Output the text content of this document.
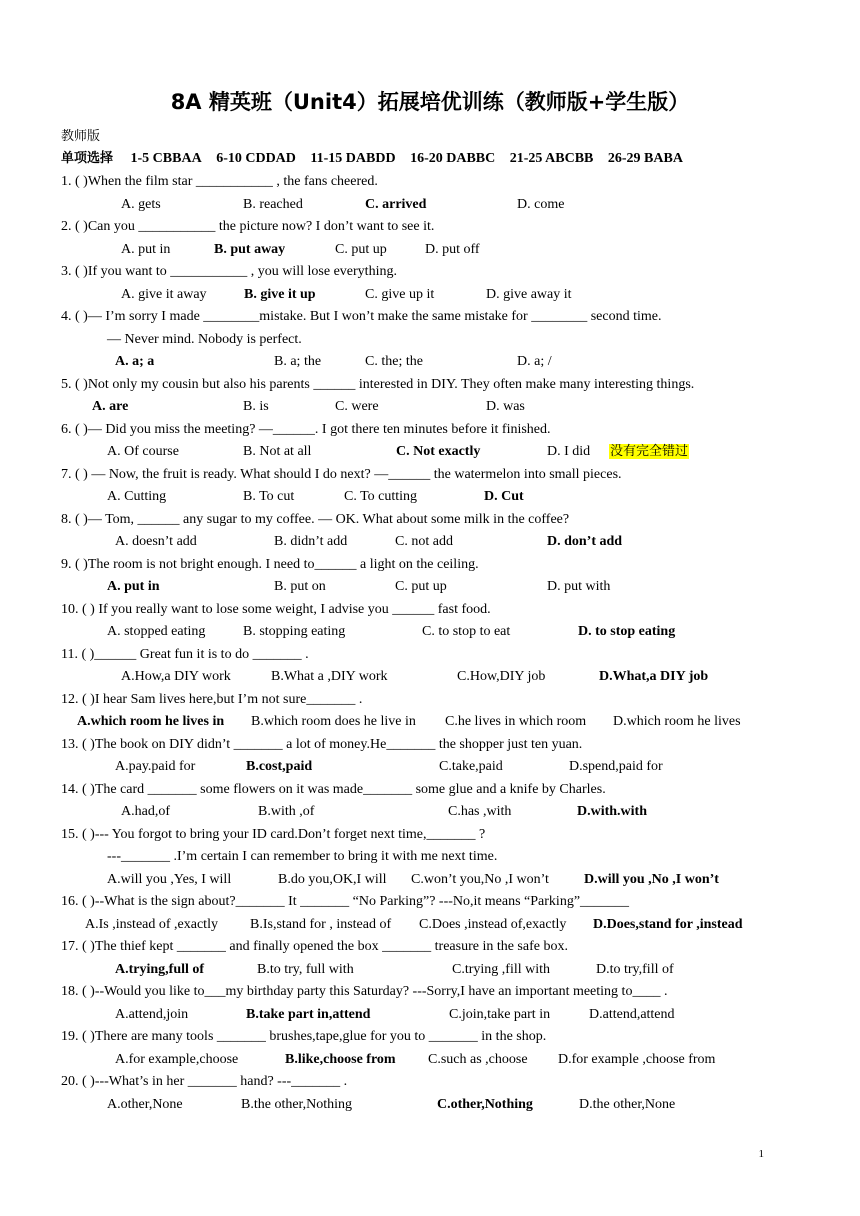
8A 精英班（Unit4）拓展培优训练（教师版+学生版）
教师版
单项选择 1-5 CBBAA 6-10 CDDAD 11-15 DABDD 16-20 DABBC 21-25 ABCBB 26-29 BABA
1. ( )When the film star ___________ , the fans cheered.
A. gets	B. reached	C. arrived	D. come
2. ( )Can you ___________ the picture now? I don’t want to see it.
A. put in	B. put away	C. put up	D. put off
3. ( )If you want to ___________ , you will lose everything.
A. give it away	B. give it up	C. give up it	D. give away it
4. ( )— I’m sorry I made ________mistake. But I won’t make the same mistake for ________ second time.
— Never mind. Nobody is perfect.
A. a; a	B. a; the	C. the; the	D. a; /
5. ( )Not only my cousin but also his parents ______ interested in DIY. They often make many interesting things.
A. are	B. is	C. were	D. was
6. ( )— Did you miss the meeting? —______. I got there ten minutes before it finished.
A. Of course	B. Not at all	C. Not exactly	D. I did 没有完全错过
7. ( ) — Now, the fruit is ready. What should I do next? —______ the watermelon into small pieces.
A. Cutting	B. To cut	C. To cutting	D. Cut
8. ( )— Tom, ______ any sugar to my coffee. — OK. What about some milk in the coffee?
A. doesn’t add	B. didn’t add	C. not add	D. don’t add
9. ( )The room is not bright enough. I need to______ a light on the ceiling.
A. put in	B. put on	C. put up	D. put with
10. ( ) If you really want to lose some weight, I advise you ______ fast food.
A. stopped eating	B. stopping eating	C. to stop to eat	D. to stop eating
11. ( )______ Great fun it is to do _______ .
A.How,a DIY work	B.What a ,DIY work	C.How,DIY job	D.What,a DIY job
12. ( )I hear Sam lives here,but I’m not sure_______ .
A.which room he lives in B.which room does he live in C.he lives in which room D.which room he lives
13. ( )The book on DIY didn’t _______ a lot of money.He_______ the shopper just ten yuan.
A.pay.paid for	B.cost,paid	C.take,paid	D.spend,paid for
14. ( )The card _______ some flowers on it was made_______ some glue and a knife by Charles.
A.had,of	B.with ,of	C.has ,with	D.with.with
15. ( )--- You forgot to bring your ID card.Don’t forget next time,_______ ?
---_______ .I’m certain I can remember to bring it with me next time.
A.will you ,Yes, I will	B.do you,OK,I will C.won’t you,No ,I won’t	D.will you ,No ,I won’t
16. ( )--What is the sign about?_______ It _______ “No Parking”? ---No,it means “Parking”_______
A.Is ,instead of ,exactly B.Is,stand for , instead of C.Does ,instead of,exactly D.Does,stand for ,instead
17. ( )The thief kept _______ and finally opened the box _______ treasure in the safe box.
A.trying,full of	B.to try, full with	C.trying ,fill with	D.to try,fill of
18. ( )--Would you like to___my birthday party this Saturday? ---Sorry,I have an important meeting to____ .
A.attend,join	B.take part in,attend	C.join,take part in	D.attend,attend
19. ( )There are many tools _______ brushes,tape,glue for you to _______ in the shop.
A.for example,choose	B.like,choose from C.such as ,choose D.for example ,choose from
20. ( )---What’s in her _______ hand? ---_______ .
A.other,None	B.the other,Nothing	C.other,Nothing	D.the other,None
1
